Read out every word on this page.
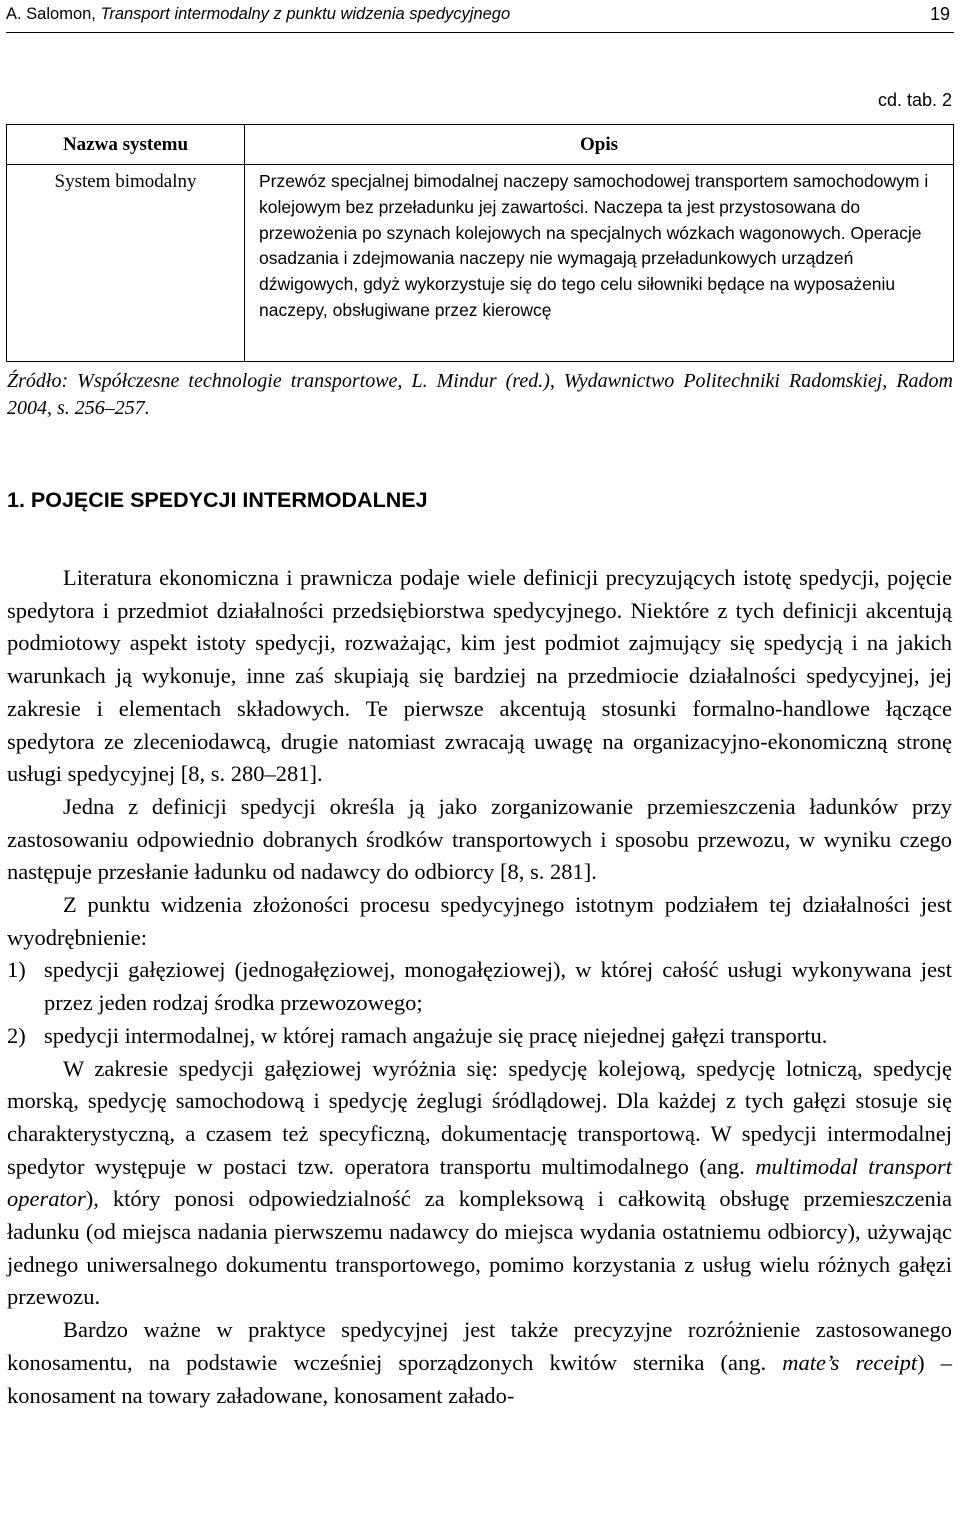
A. Salomon, Transport intermodalny z punktu widzenia spedycyjnego	19
cd. tab. 2
Nazwa systemu	Opis
System bimodalny	Przewóz specjalnej bimodalnej naczepy samochodowej transportem samochodowym i kolejowym bez przeładunku jej zawartości. Naczepa ta jest przystosowana do przewożenia po szynach kolejowych na specjalnych wózkach wagonowych. Operacje osadzania i zdejmowania naczepy nie wymagają przeładunkowych urządzeń dźwigowych, gdyż wykorzystuje się do tego celu siłowniki będące na wyposażeniu naczepy, obsługiwane przez kierowcę
Źródło: Współczesne technologie transportowe, L. Mindur (red.), Wydawnictwo Politechniki Radomskiej, Radom 2004, s. 256–257.
1. POJĘCIE SPEDYCJI INTERMODALNEJ

Literatura ekonomiczna i prawnicza podaje wiele definicji precyzujących istotę spedycji, pojęcie spedytora i przedmiot działalności przedsiębiorstwa spedycyjnego. Niektóre z tych definicji akcentują podmiotowy aspekt istoty spedycji, rozważając, kim jest podmiot zajmujący się spedycją i na jakich warunkach ją wykonuje, inne zaś skupiają się bardziej na przedmiocie działalności spedycyjnej, jej zakresie i elementach składowych. Te pierwsze akcentują stosunki formalno-handlowe łączące spedytora ze zleceniodawcą, drugie natomiast zwracają uwagę na organizacyjno-ekonomiczną stronę usługi spedycyjnej [8, s. 280–281].

Jedna z definicji spedycji określa ją jako zorganizowanie przemieszczenia ładunków przy zastosowaniu odpowiednio dobranych środków transportowych i sposobu przewozu, w wyniku czego następuje przesłanie ładunku od nadawcy do odbiorcy [8, s. 281].

Z punktu widzenia złożoności procesu spedycyjnego istotnym podziałem tej działalności jest wyodrębnienie:

1) spedycji gałęziowej (jednogałęziowej, monogałęziowej), w której całość usługi wykonywana jest przez jeden rodzaj środka przewozowego;
2) spedycji intermodalnej, w której ramach angażuje się pracę niejednej gałęzi transportu.

W zakresie spedycji gałęziowej wyróżnia się: spedycję kolejową, spedycję lotniczą, spedycję morską, spedycję samochodową i spedycję żeglugi śródlądowej. Dla każdej z tych gałęzi stosuje się charakterystyczną, a czasem też specyficzną, dokumentację transportową. W spedycji intermodalnej spedytor występuje w postaci tzw. operatora transportu multimodalnego (ang. multimodal transport operator), który ponosi odpowiedzialność za kompleksową i całkowitą obsługę przemieszczenia ładunku (od miejsca nadania pierwszemu nadawcy do miejsca wydania ostatniemu odbiorcy), używając jednego uniwersalnego dokumentu transportowego, pomimo korzystania z usług wielu różnych gałęzi przewozu.

Bardzo ważne w praktyce spedycyjnej jest także precyzyjne rozróżnienie zastosowanego konosamentu, na podstawie wcześniej sporządzonych kwitów sternika (ang. mate’s receipt) – konosament na towary załadowane, konosament załado-
